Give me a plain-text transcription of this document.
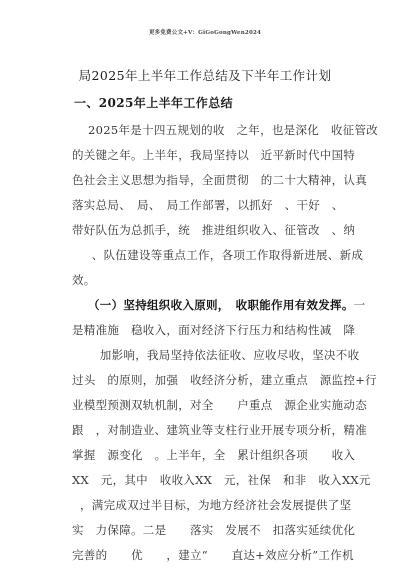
更多免费公文+V：GiGoGongWen2024
局2025年上半年工作总结及下半年工作计划
一、2025年上半年工作总结
2025年是十四五规划的收　之年，也是深化　收征管改
的关键之年。上半年，我局坚持以　近平新时代中国特
色社会主义思想为指导，全面贯彻　的二十大精神，认真
落实总局、　局、　局工作部署，以抓好　、干好　、
带好队伍为总抓手，统　推进组织收入、征管改　、纳
　、队伍建设等重点工作，各项工作取得新进展、新成
效。
（一）坚持组织收入原则，　收职能作用有效发挥。一
是精准施　稳收入，面对经济下行压力和结构性减　降
　加影响，我局坚持依法征收、应收尽收，坚决不收
过头　的原则，加强　收经济分析，建立重点　源监控+行
业模型预测双轨机制，对全　　户重点　源企业实施动态
跟　，对制造业、建筑业等支柱行业开展专项分析，精准
掌握　源变化　。上半年，全　累计组织各项　　收入
XX　元，其中　收收入XX　元，社保　和非　收入XX元
，满完成双过半目标，为地方经济社会发展提供了坚
实　力保障。二是　　落实　发展不　扣落实延续优化
完善的　　优　　，建立“　　直达+效应分析”工作机
